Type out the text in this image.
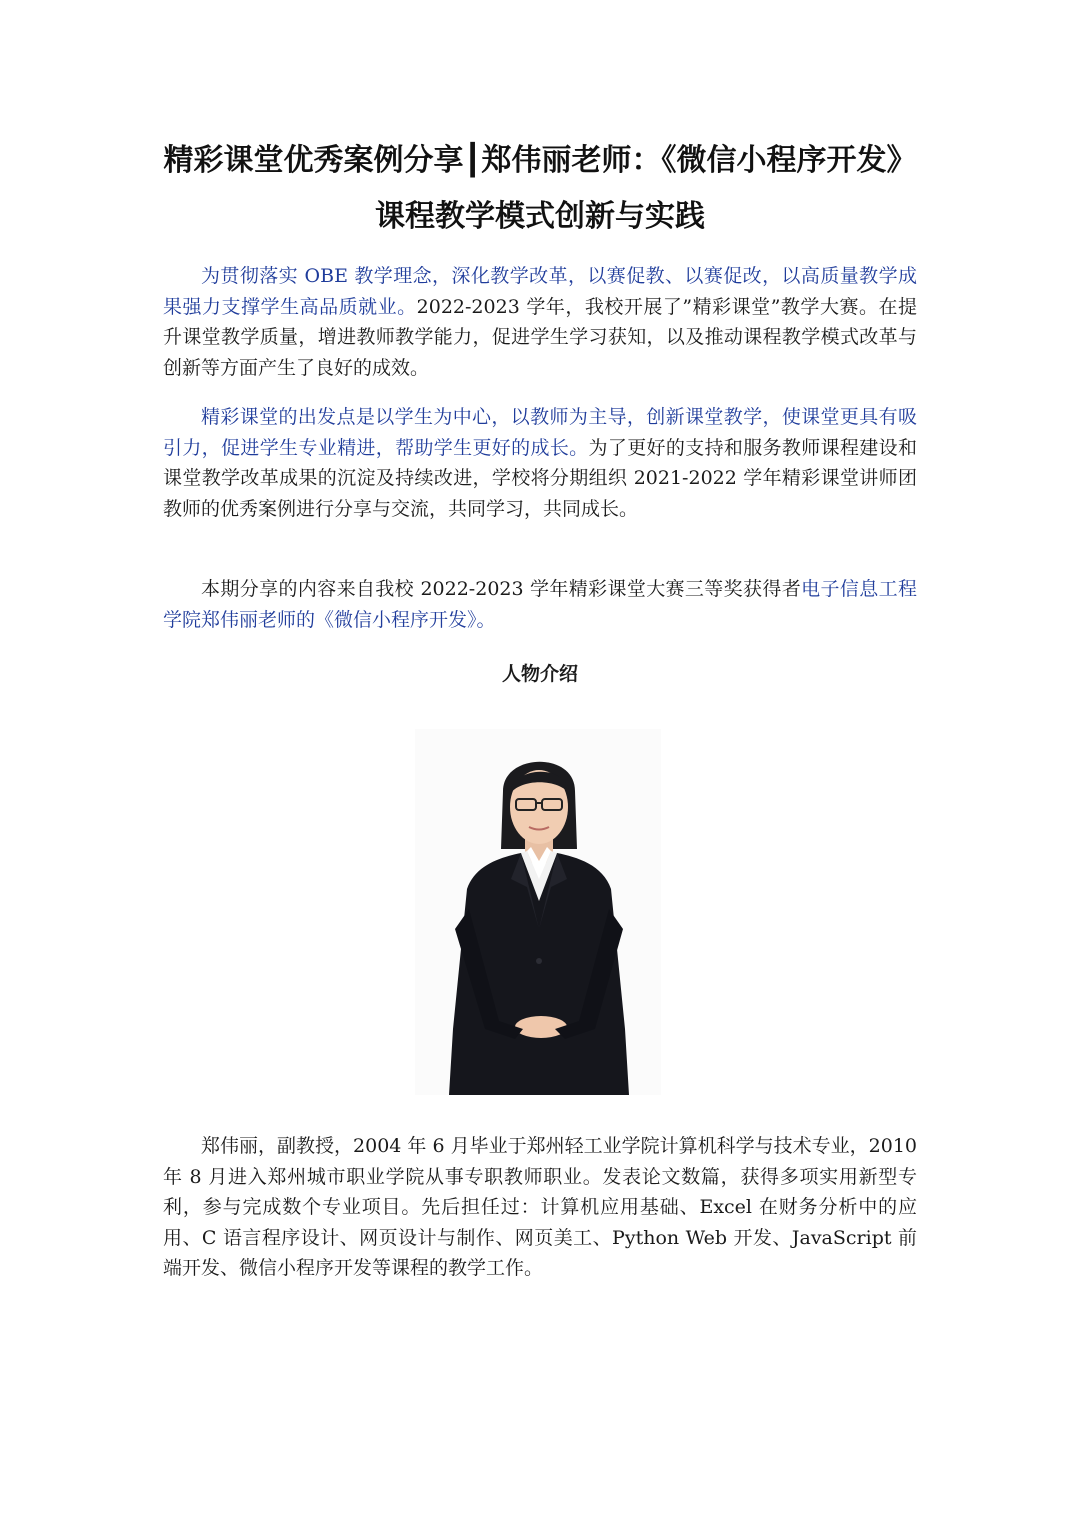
精彩课堂优秀案例分享┃郑伟丽老师：《微信小程序开发》课程教学模式创新与实践

为贯彻落实 OBE 教学理念，深化教学改革，以赛促教、以赛促改，以高质量教学成果强力支撑学生高品质就业。2022-2023 学年，我校开展了”精彩课堂”教学大赛。在提升课堂教学质量，增进教师教学能力，促进学生学习获知，以及推动课程教学模式改革与创新等方面产生了良好的成效。

精彩课堂的出发点是以学生为中心，以教师为主导，创新课堂教学，使课堂更具有吸引力，促进学生专业精进，帮助学生更好的成长。为了更好的支持和服务教师课程建设和课堂教学改革成果的沉淀及持续改进，学校将分期组织 2021-2022 学年精彩课堂讲师团教师的优秀案例进行分享与交流，共同学习，共同成长。

本期分享的内容来自我校 2022-2023 学年精彩课堂大赛三等奖获得者电子信息工程学院郑伟丽老师的《微信小程序开发》。

人物介绍

郑伟丽，副教授，2004 年 6 月毕业于郑州轻工业学院计算机科学与技术专业，2010 年 8 月进入郑州城市职业学院从事专职教师职业。发表论文数篇，获得多项实用新型专利，参与完成数个专业项目。先后担任过：计算机应用基础、Excel 在财务分析中的应用、C 语言程序设计、网页设计与制作、网页美工、Python Web 开发、JavaScript 前端开发、微信小程序开发等课程的教学工作。
